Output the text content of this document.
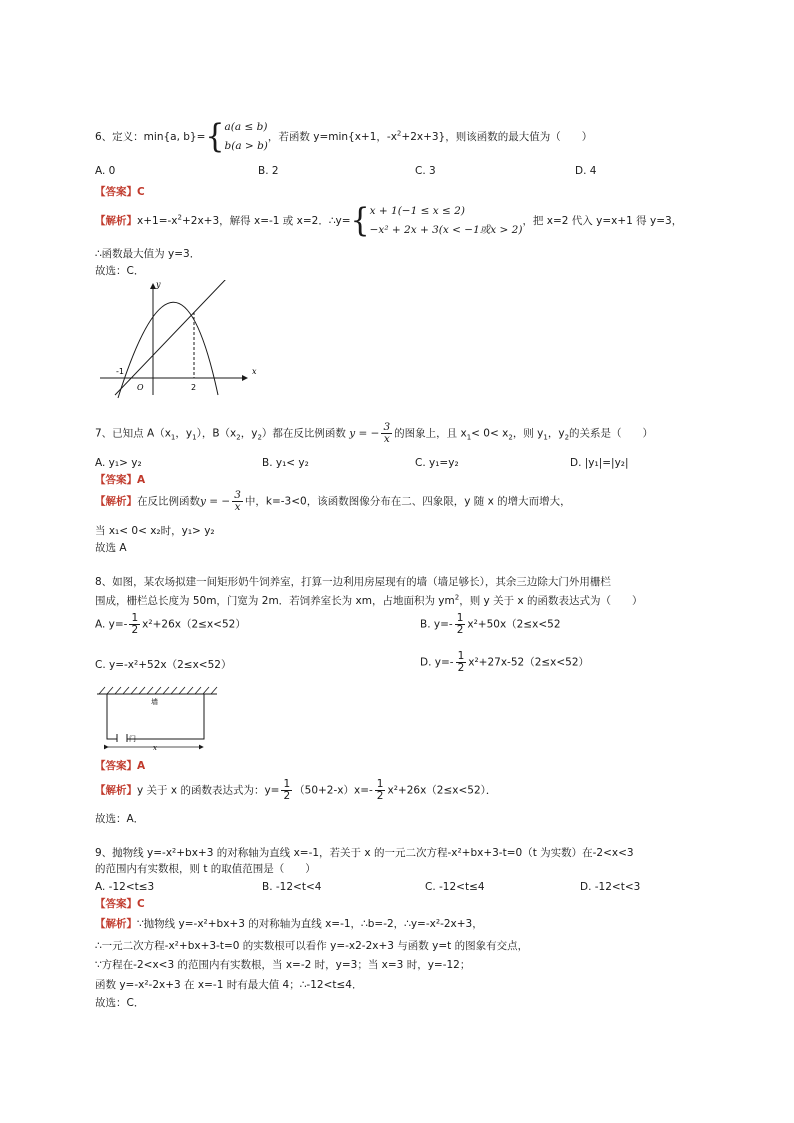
6、定义：min{a, b}={ a(a ≤ b)
b(a > b)
，若函数 y=min{x+1，$-x^2+2x+3$}，则该函数的最大值为（　　）
A. 0	B. 2	C. 3	D. 4
【答案】C
【解析】$x+1=-x^2+2x+3$，解得 x=-1 或 x=2．∴y={ x + 1(−1 ≤ x ≤ 2)
−x² + 2x + 3(x < −1或x > 2)
，把 x=2 代入 y=x+1 得 y=3，
∴函数最大值为 y=3．
故选：C．
y
x
O
-1
2
7、已知点 $A(x_1$，$y_1$），$B(x_2$，$y_2$）都在反比例函数 y = − $\frac{3}{x}$ 的图象上，且 $x_1< 0< x_2$，则 $y_1$，$y_2$的关系是（　　）
A. y₁> y₂	B. y₁< y₂	C. y₁=y₂	D. |y₁|=|y₂|
【答案】A
【解析】在反比例函数y = − $\frac{3}{x}$ 中，k=-3<0，该函数图像分布在二、四象限，y 随 x 的增大而增大，
当 x₁< 0< x₂时，y₁> y₂
故选 A
8、如图，某农场拟建一间矩形奶牛饲养室，打算一边利用房屋现有的墙（墙足够长），其余三边除大门外用栅栏
围成，栅栏总长度为 50m，门宽为 2m．若饲养室长为 xm，占地面积为 $ym^2$，则 y 关于 x 的函数表达式为（　　）
A. $y=- \frac{1}{2} x^2+26x(2\le x<52)$	B. $y=- \frac{1}{2} x^2+50x(2\le x<52$
C. y=-x²+52x（2≤x<52）	D. $y=- \frac{1}{2} x^2+27x-52(2\le x<52)$
墙
门
x
【答案】A
【解析】y 关于 x 的函数表达式为：$y= \frac{1}{2} (50+2-x)x=- \frac{1}{2} x^2+26x(2\le x<52)$．
故选：A．
9、抛物线 y=-x²+bx+3 的对称轴为直线 x=-1，若关于 x 的一元二次方程-x²+bx+3-t=0（t 为实数）在-2<x<3
的范围内有实数根，则 t 的取值范围是（　　）
A. -12<t≤3	B. -12<t<4	C. -12<t≤4	D. -12<t<3
【答案】C
【解析】∵抛物线 y=-x²+bx+3 的对称轴为直线 x=-1，∴b=-2，∴y=-x²-2x+3，
∴一元二次方程-x²+bx+3-t=0 的实数根可以看作 y=-x2-2x+3 与函数 y=t 的图象有交点，
∵方程在-2<x<3 的范围内有实数根，当 x=-2 时，y=3；当 x=3 时，y=-12；
函数 y=-x²-2x+3 在 x=-1 时有最大值 4；∴-12<t≤4．
故选：C．
